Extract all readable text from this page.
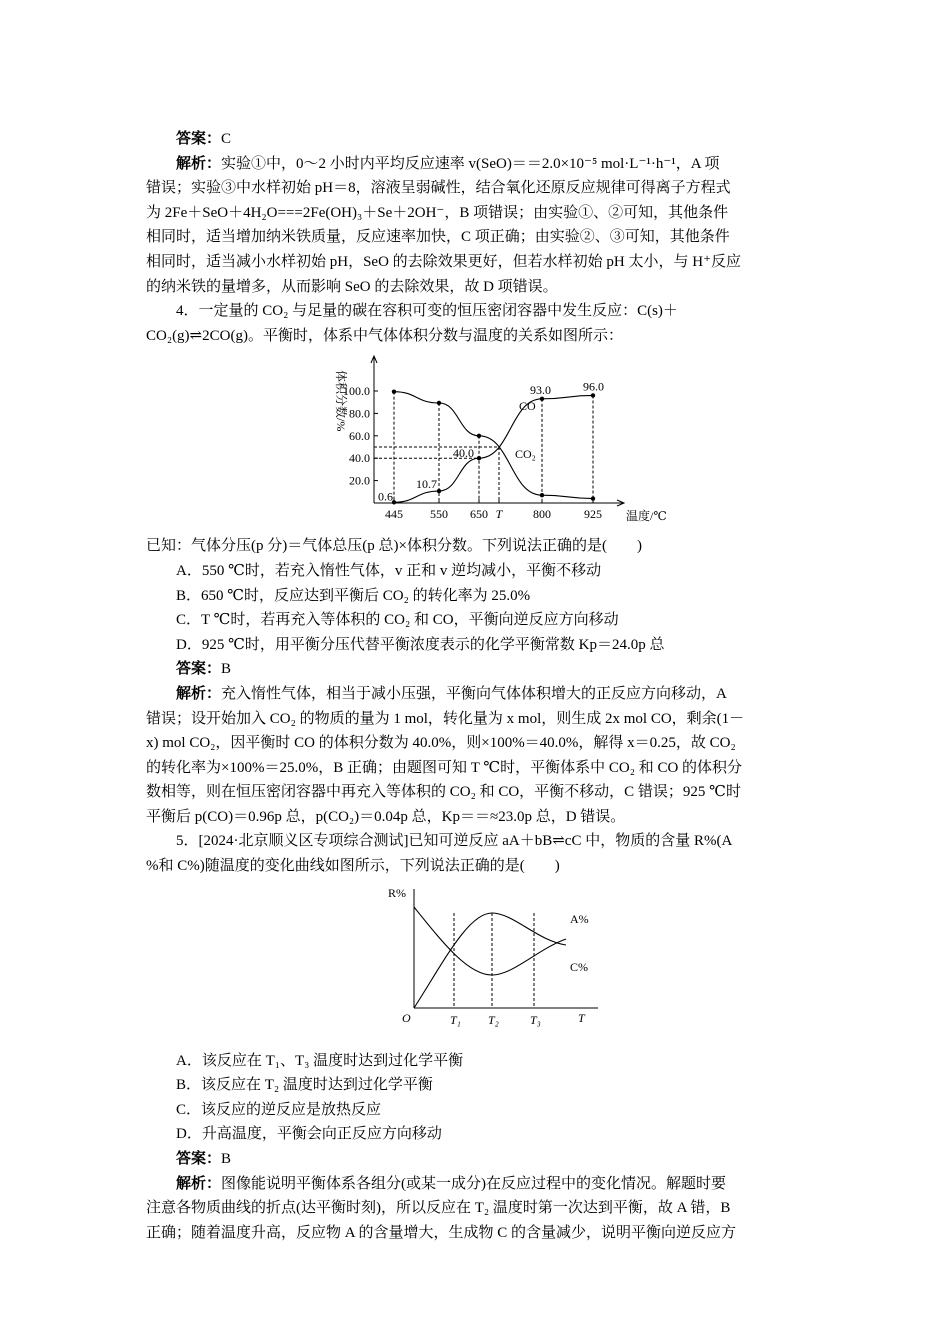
答案：C

解析：实验①中，0～2 小时内平均反应速率 v(SeO)＝＝2.0×10⁻⁵ mol·L⁻¹·h⁻¹，A 项

错误；实验③中水样初始 pH＝8，溶液呈弱碱性，结合氧化还原反应规律可得离子方程式

为 2Fe＋SeO＋4H₂O===2Fe(OH)₃＋Se＋2OH⁻，B 项错误；由实验①、②可知，其他条件

相同时，适当增加纳米铁质量，反应速率加快，C 项正确；由实验②、③可知，其他条件

相同时，适当减小水样初始 pH，SeO 的去除效果更好，但若水样初始 pH 太小，与 H⁺反应

的纳米铁的量增多，从而影响 SeO 的去除效果，故 D 项错误。

4．一定量的 CO₂ 与足量的碳在容积可变的恒压密闭容器中发生反应：C(s)＋

CO₂(g)⇌2CO(g)。平衡时，体系中气体体积分数与温度的关系如图所示：

20.0
40.0
60.0
80.0
100.0
445 550 650 T	800	925 温度/℃
体积分数/%	CO
CO₂
0.6
10.7
40.0
93.0	96.0

已知：气体分压(p 分)＝气体总压(p 总)×体积分数。下列说法正确的是(　　)

A．550 ℃时，若充入惰性气体，v 正和 v 逆均减小，平衡不移动

B．650 ℃时，反应达到平衡后 CO₂ 的转化率为 25.0%

C．T ℃时，若再充入等体积的 CO₂ 和 CO，平衡向逆反应方向移动

D．925 ℃时，用平衡分压代替平衡浓度表示的化学平衡常数 Kp＝24.0p 总

答案：B

解析：充入惰性气体，相当于减小压强，平衡向气体体积增大的正反应方向移动，A

错误；设开始加入 CO₂ 的物质的量为 1 mol，转化量为 x mol，则生成 2x mol CO，剩余(1－

x) mol CO₂，因平衡时 CO 的体积分数为 40.0%，则×100%＝40.0%，解得 x＝0.25，故 CO₂

的转化率为×100%＝25.0%，B 正确；由题图可知 T ℃时，平衡体系中 CO₂ 和 CO 的体积分

数相等，则在恒压密闭容器中再充入等体积的 CO₂ 和 CO，平衡不移动，C 错误；925 ℃时

平衡后 p(CO)＝0.96p 总，p(CO₂)＝0.04p 总，Kp＝＝≈23.0p 总，D 错误。

5．[2024·北京顺义区专项综合测试]已知可逆反应 aA＋bB⇌cC 中，物质的含量 R%(A

%和 C%)随温度的变化曲线如图所示，下列说法正确的是(　　)

R%
O	T
T₁ T₂	T₃
A%
C%

A．该反应在 T₁、T₃ 温度时达到过化学平衡

B．该反应在 T₂ 温度时达到过化学平衡

C．该反应的逆反应是放热反应

D．升高温度，平衡会向正反应方向移动

答案：B

解析：图像能说明平衡体系各组分(或某一成分)在反应过程中的变化情况。解题时要

注意各物质曲线的折点(达平衡时刻)，所以反应在 T₂ 温度时第一次达到平衡，故 A 错，B

正确；随着温度升高，反应物 A 的含量增大，生成物 C 的含量减少，说明平衡向逆反应方
